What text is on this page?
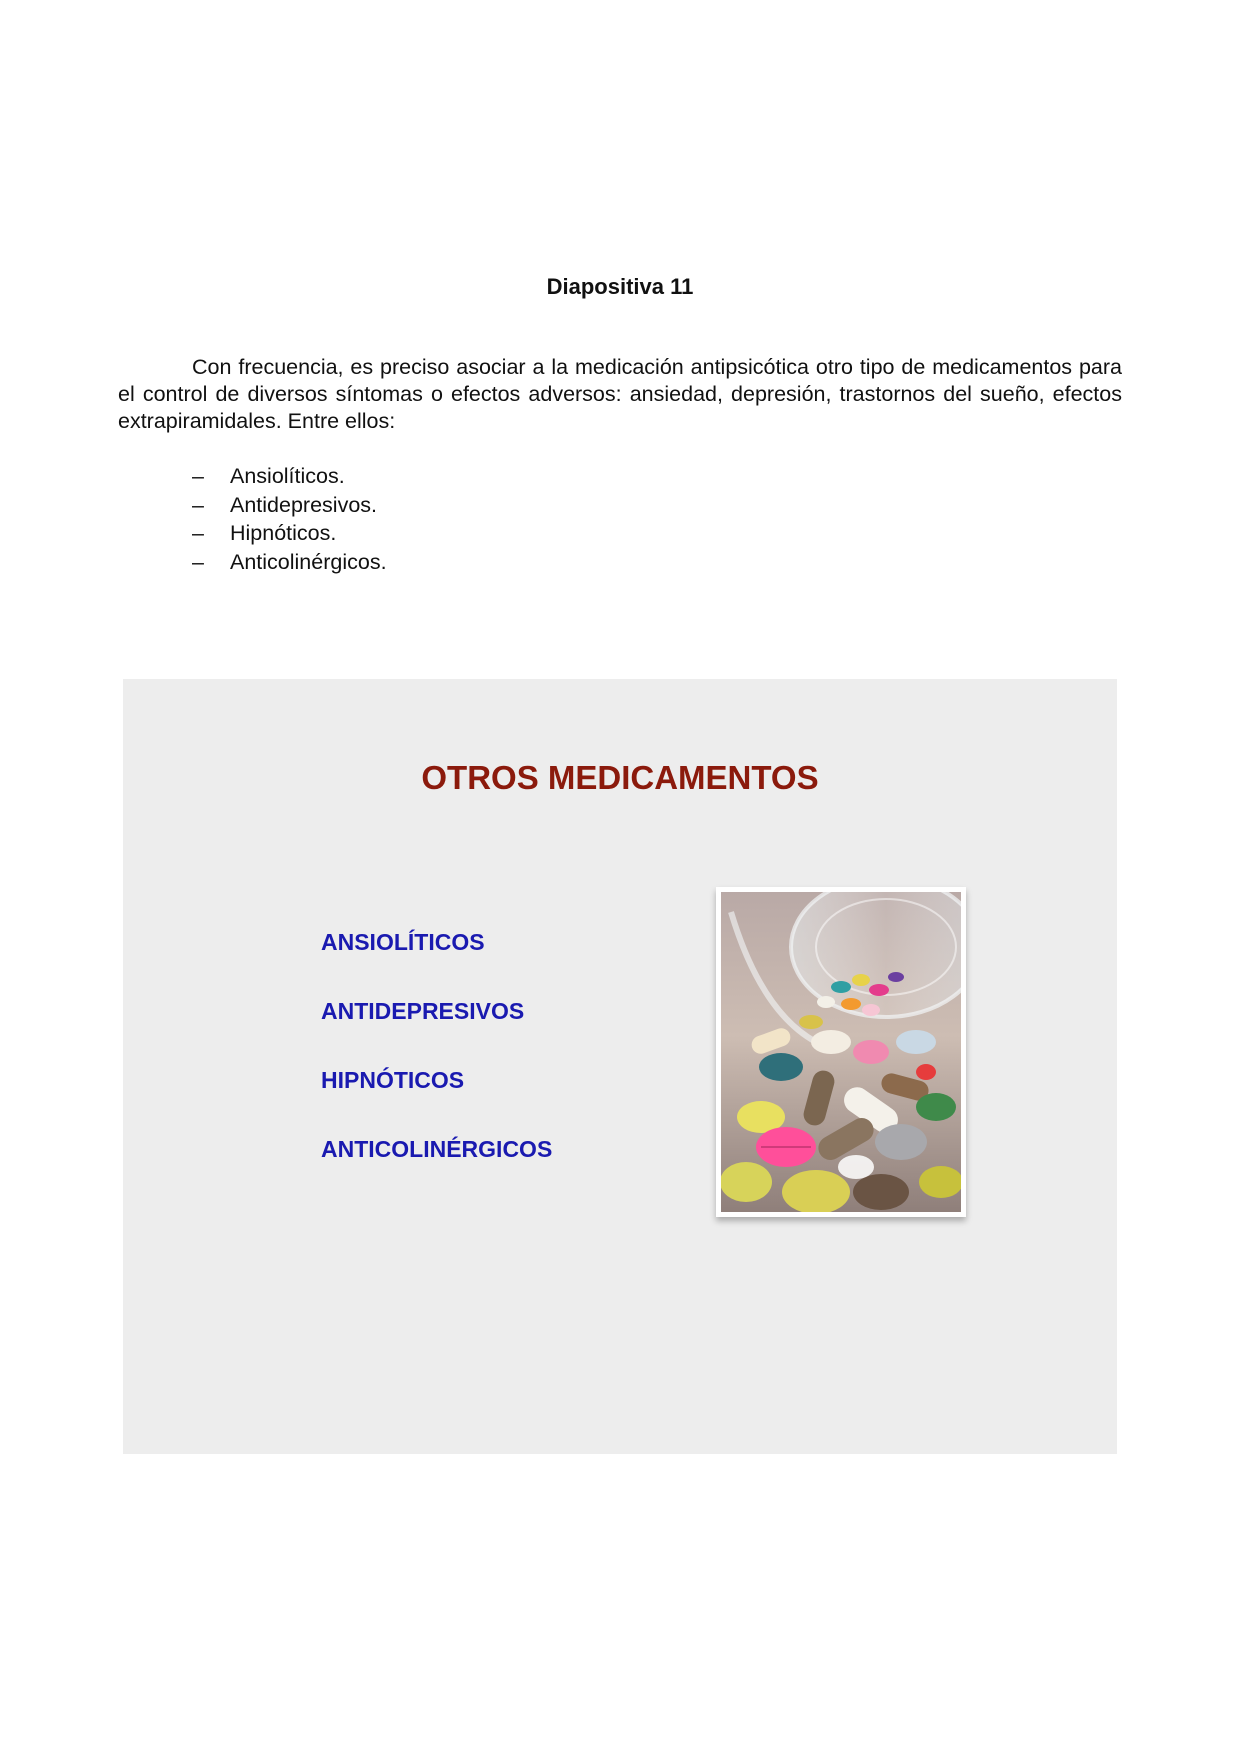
Diapositiva 11

Con frecuencia, es preciso asociar a la medicación antipsicótica otro tipo de medicamentos para el control de diversos síntomas o efectos adversos: ansiedad, depresión, trastornos del sueño, efectos extrapiramidales. Entre ellos:

– Ansiolíticos.
– Antidepresivos.
– Hipnóticos.
– Anticolinérgicos.
OTROS MEDICAMENTOS
ANSIOLÍTICOS
ANTIDEPRESIVOS
HIPNÓTICOS
ANTICOLINÉRGICOS
